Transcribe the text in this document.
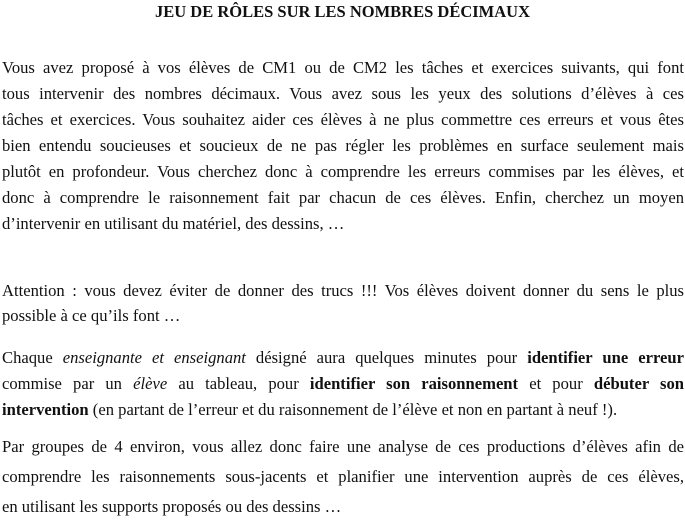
JEU DE RÔLES SUR LES NOMBRES DÉCIMAUX

Vous avez proposé à vos élèves de CM1 ou de CM2 les tâches et exercices suivants, qui font
tous intervenir des nombres décimaux. Vous avez sous les yeux des solutions d’élèves à ces
tâches et exercices. Vous souhaitez aider ces élèves à ne plus commettre ces erreurs et vous êtes
bien entendu soucieuses et soucieux de ne pas régler les problèmes en surface seulement mais
plutôt en profondeur. Vous cherchez donc à comprendre les erreurs commises par les élèves, et
donc à comprendre le raisonnement fait par chacun de ces élèves. Enfin, cherchez un moyen
d’intervenir en utilisant du matériel, des dessins, …

Attention : vous devez éviter de donner des trucs !!! Vos élèves doivent donner du sens le plus
possible à ce qu’ils font …

Chaque enseignante et enseignant désigné aura quelques minutes pour identifier une erreur
commise par un élève au tableau, pour identifier son raisonnement et pour débuter son
intervention (en partant de l’erreur et du raisonnement de l’élève et non en partant à neuf !).

Par groupes de 4 environ, vous allez donc faire une analyse de ces productions d’élèves afin de
comprendre les raisonnements sous-jacents et planifier une intervention auprès de ces élèves,
en utilisant les supports proposés ou des dessins …
